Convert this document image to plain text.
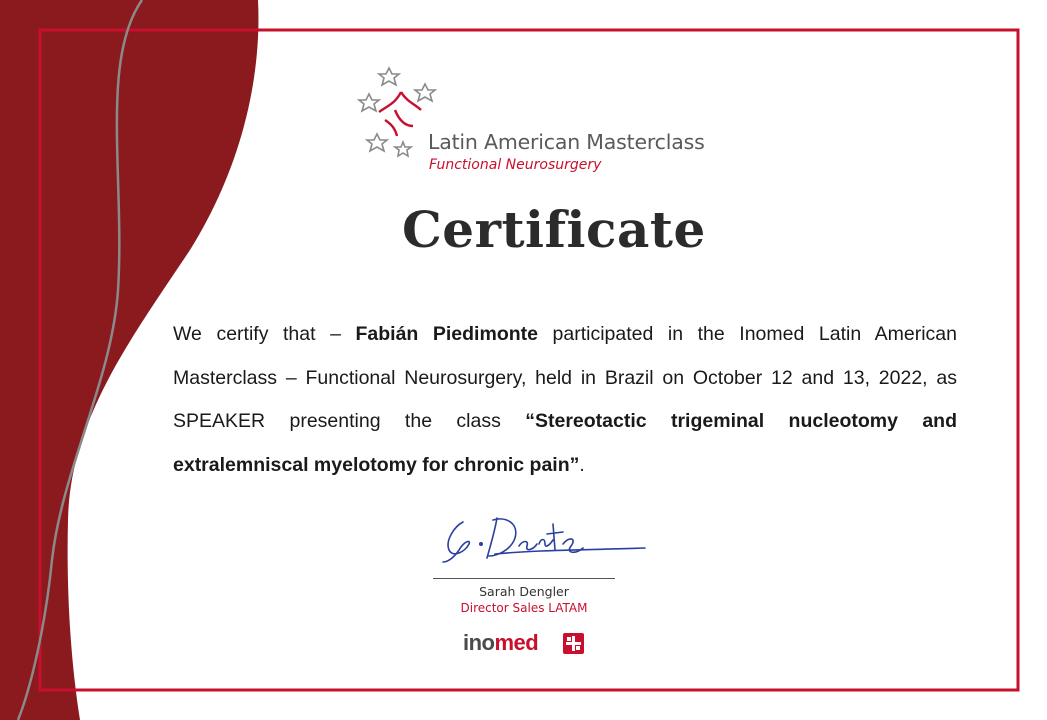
Latin American Masterclass
Functional Neurosurgery
Certificate
We certify that – Fabián Piedimonte participated in the Inomed Latin American Masterclass – Functional Neurosurgery, held in Brazil on October 12 and 13, 2022, as SPEAKER presenting the class “Stereotactic trigeminal nucleotomy and extralemniscal myelotomy for chronic pain”.
Sarah Dengler
Director Sales LATAM
inomed
